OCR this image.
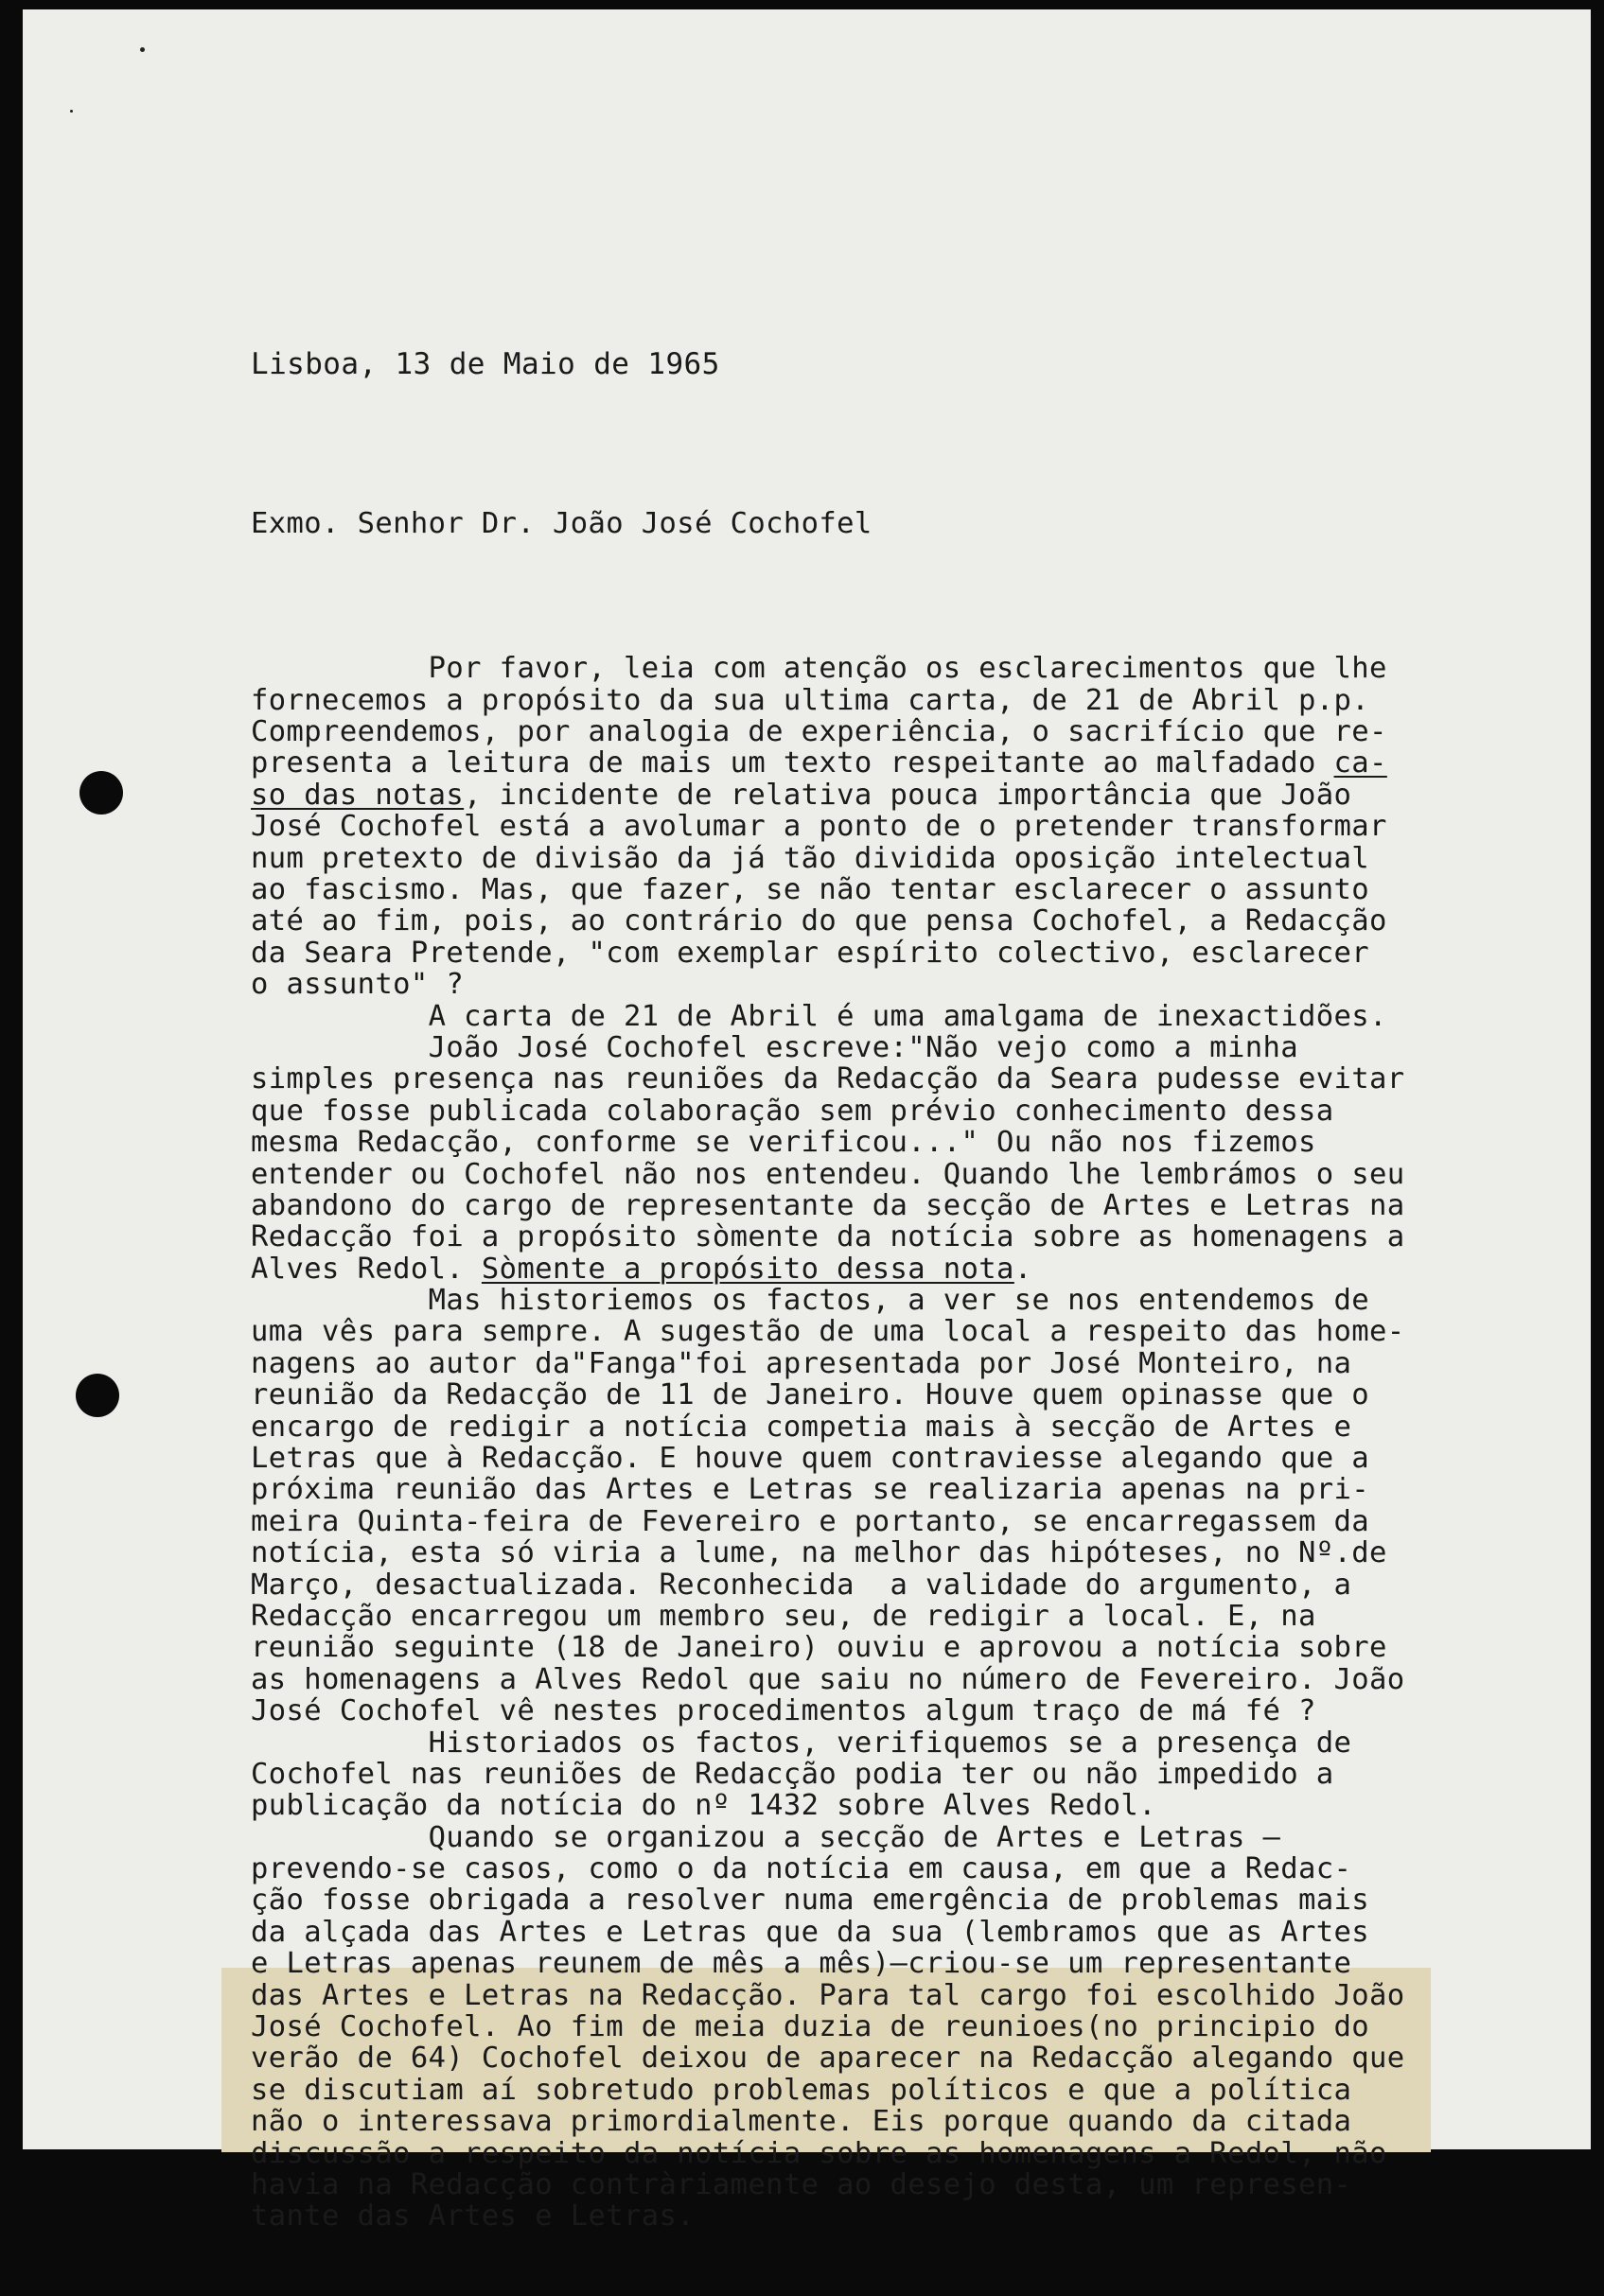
Lisboa, 13 de Maio de 1965

Exmo. Senhor Dr. João José Cochofel

Por favor, leia com atenção os esclarecimentos que lhe
fornecemos a propósito da sua ultima carta, de 21 de Abril p.p.
Compreendemos, por analogia de experiência, o sacrifício que re-
presenta a leitura de mais um texto respeitante ao malfadado ca-
so das notas, incidente de relativa pouca importância que João
José Cochofel está a avolumar a ponto de o pretender transformar
num pretexto de divisão da já tão dividida oposição intelectual
ao fascismo. Mas, que fazer, se não tentar esclarecer o assunto
até ao fim, pois, ao contrário do que pensa Cochofel, a Redacção
da Seara Pretende, "com exemplar espírito colectivo, esclarecer
o assunto" ?
A carta de 21 de Abril é uma amalgama de inexactidões.
João José Cochofel escreve:"Não vejo como a minha
simples presença nas reuniões da Redacção da Seara pudesse evitar
que fosse publicada colaboração sem prévio conhecimento dessa
mesma Redacção, conforme se verificou..." Ou não nos fizemos
entender ou Cochofel não nos entendeu. Quando lhe lembrámos o seu
abandono do cargo de representante da secção de Artes e Letras na
Redacção foi a propósito sòmente da notícia sobre as homenagens a
Alves Redol. Sòmente a propósito dessa nota.
Mas historiemos os factos, a ver se nos entendemos de
uma vês para sempre. A sugestão de uma local a respeito das home-
nagens ao autor da"Fanga"foi apresentada por José Monteiro, na
reunião da Redacção de 11 de Janeiro. Houve quem opinasse que o
encargo de redigir a notícia competia mais à secção de Artes e
Letras que à Redacção. E houve quem contraviesse alegando que a
próxima reunião das Artes e Letras se realizaria apenas na pri-
meira Quinta-feira de Fevereiro e portanto, se encarregassem da
notícia, esta só viria a lume, na melhor das hipóteses, no Nº.de
Março, desactualizada. Reconhecida  a validade do argumento, a
Redacção encarregou um membro seu, de redigir a local. E, na
reunião seguinte (18 de Janeiro) ouviu e aprovou a notícia sobre
as homenagens a Alves Redol que saiu no número de Fevereiro. João
José Cochofel vê nestes procedimentos algum traço de má fé ?
Historiados os factos, verifiquemos se a presença de
Cochofel nas reuniões de Redacção podia ter ou não impedido a
publicação da notícia do nº 1432 sobre Alves Redol.
Quando se organizou a secção de Artes e Letras —
prevendo-se casos, como o da notícia em causa, em que a Redac-
ção fosse obrigada a resolver numa emergência de problemas mais
da alçada das Artes e Letras que da sua (lembramos que as Artes
e Letras apenas reunem de mês a mês)—criou-se um representante
das Artes e Letras na Redacção. Para tal cargo foi escolhido João
José Cochofel. Ao fim de meia duzia de reunioes(no principio do
verão de 64) Cochofel deixou de aparecer na Redacção alegando que
se discutiam aí sobretudo problemas políticos e que a política
não o interessava primordialmente. Eis porque quando da citada
discussão a respeito da notícia sobre as homenagens a Redol, não
havia na Redacção contràriamente ao desejo desta, um represen-
tante das Artes e Letras.
